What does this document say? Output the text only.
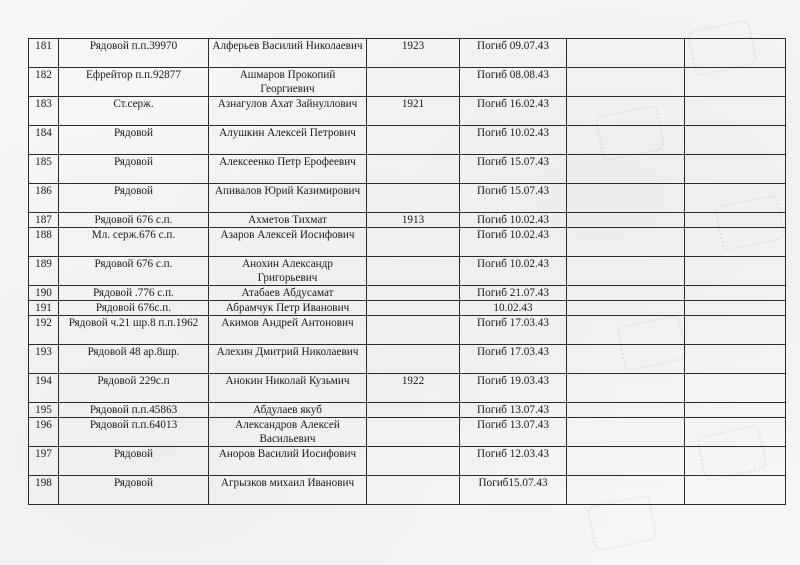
181	Рядовой п.п.39970	Алферьев Василий Николаевич	1923	Погиб 09.07.43		
182	Ефрейтор п.п.92877	Ашмаров Прокопий Георгиевич		Погиб 08.08.43		
183	Ст.серж.	Азнагулов Ахат Зайнуллович	1921	Погиб 16.02.43		
184	Рядовой	Алушкин Алексей Петрович		Погиб 10.02.43		
185	Рядовой	Алексеенко Петр Ерофеевич		Погиб 15.07.43		
186	Рядовой	Апивалов Юрий Казимирович		Погиб 15.07.43		
187	Рядовой 676 с.п.	Ахметов Тихмат	1913	Погиб 10.02.43		
188	Мл. серж.676 с.п.	Азаров Алексей Иосифович		Погиб 10.02.43		
189	Рядовой 676 с.п.	Анохин Александр Григорьевич		Погиб 10.02.43		
190	Рядовой .776 с.п.	Атабаев Абдусамат		Погиб 21.07.43		
191	Рядовой 676с.п.	Абрамчук Петр Иванович		10.02.43		
192	Рядовой ч.21 шр.8 п.п.1962	Акимов Андрей Антонович		Погиб 17.03.43		
193	Рядовой 48 ар.8шр.	Алехин Дмитрий Николаевич		Погиб 17.03.43		
194	Рядовой 229с.п	Анокин Николай Кузьмич	1922	Погиб 19.03.43		
195	Рядовой п.п.45863	Абдулаев якуб		Погиб 13.07.43		
196	Рядовой п.п.64013	Александров Алексей Васильевич		Погиб 13.07.43		
197	Рядовой	Аноров Василий Иосифович		Погиб 12.03.43		
198	Рядовой	Агрызков михаил Иванович		Погиб15.07.43		
